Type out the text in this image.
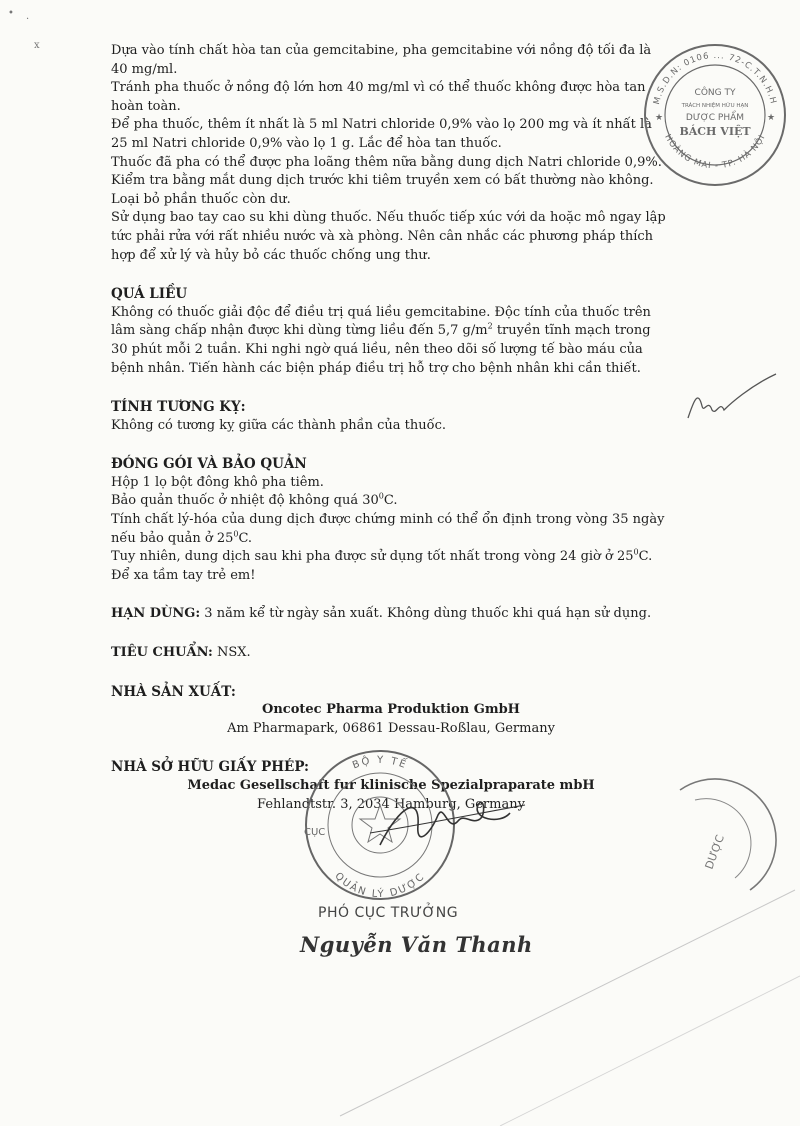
•
·
ⅹ	Dựa vào tính chất hòa tan của gemcitabine, pha gemcitabine với nồng độ tối đa là 40 mg/ml.

Tránh pha thuốc ở nồng độ lớn hơn 40 mg/ml vì có thể thuốc không được hòa tan hoàn toàn.

Để pha thuốc, thêm ít nhất là 5 ml Natri chloride 0,9% vào lọ 200 mg và ít nhất là 25 ml Natri chloride 0,9% vào lọ 1 g. Lắc để hòa tan thuốc.

Thuốc đã pha có thể được pha loãng thêm nữa bằng dung dịch Natri chloride 0,9%.

Kiểm tra bằng mắt dung dịch trước khi tiêm truyền xem có bất thường nào không.

Loại bỏ phần thuốc còn dư.

Sử dụng bao tay cao su khi dùng thuốc. Nếu thuốc tiếp xúc với da hoặc mô ngay lập tức phải rửa với rất nhiều nước và xà phòng. Nên cân nhắc các phương pháp thích hợp để xử lý và hủy bỏ các thuốc chống ung thư.

QUÁ LIỀU

Không có thuốc giải độc để điều trị quá liều gemcitabine. Độc tính của thuốc trên lâm sàng chấp nhận được khi dùng từng liều đến 5,7 $g/m^2$ truyền tĩnh mạch trong 30 phút mỗi 2 tuần. Khi nghi ngờ quá liều, nên theo dõi số lượng tế bào máu của bệnh nhân. Tiến hành các biện pháp điều trị hỗ trợ cho bệnh nhân khi cần thiết.

TÍNH TƯƠNG KỴ:

Không có tương kỵ giữa các thành phần của thuốc.

ĐÓNG GÓI VÀ BẢO QUẢN

Hộp 1 lọ bột đông khô pha tiêm.

Bảo quản thuốc ở nhiệt độ không quá $30^0C$.

Tính chất lý-hóa của dung dịch được chứng minh có thể ổn định trong vòng 35 ngày nếu bảo quản ở $25^0C$.

Tuy nhiên, dung dịch sau khi pha được sử dụng tốt nhất trong vòng 24 giờ ở $25^0C$.

Để xa tầm tay trẻ em!

HẠN DÙNG: 3 năm kể từ ngày sản xuất. Không dùng thuốc khi quá hạn sử dụng.

TIÊU CHUẨN: NSX.

NHÀ SẢN XUẤT:

Oncotec Pharma Produktion GmbH

Am Pharmapark, 06861 Dessau-Roßlau, Germany

NHÀ SỞ HỮU GIẤY PHÉP:

Medac Gesellschaft fur klinische Spezialpraparate mbH

Fehlandtstr. 3, 2034 Hamburg, Germany

M.S.D.N: 0106 ... 72-C.T.N.H.H
HOÀNG MAI - TP. HÀ NỘI
CÔNG TY
TRÁCH NHIỆM HỮU HẠN
DƯỢC PHẨM
BÁCH VIỆT
★	★
BỘ Y TẾ
QUẢN LÝ DƯỢC
CỤC
DƯỢC
PHÓ CỤC TRƯỞNG
Nguyễn Văn Thanh
